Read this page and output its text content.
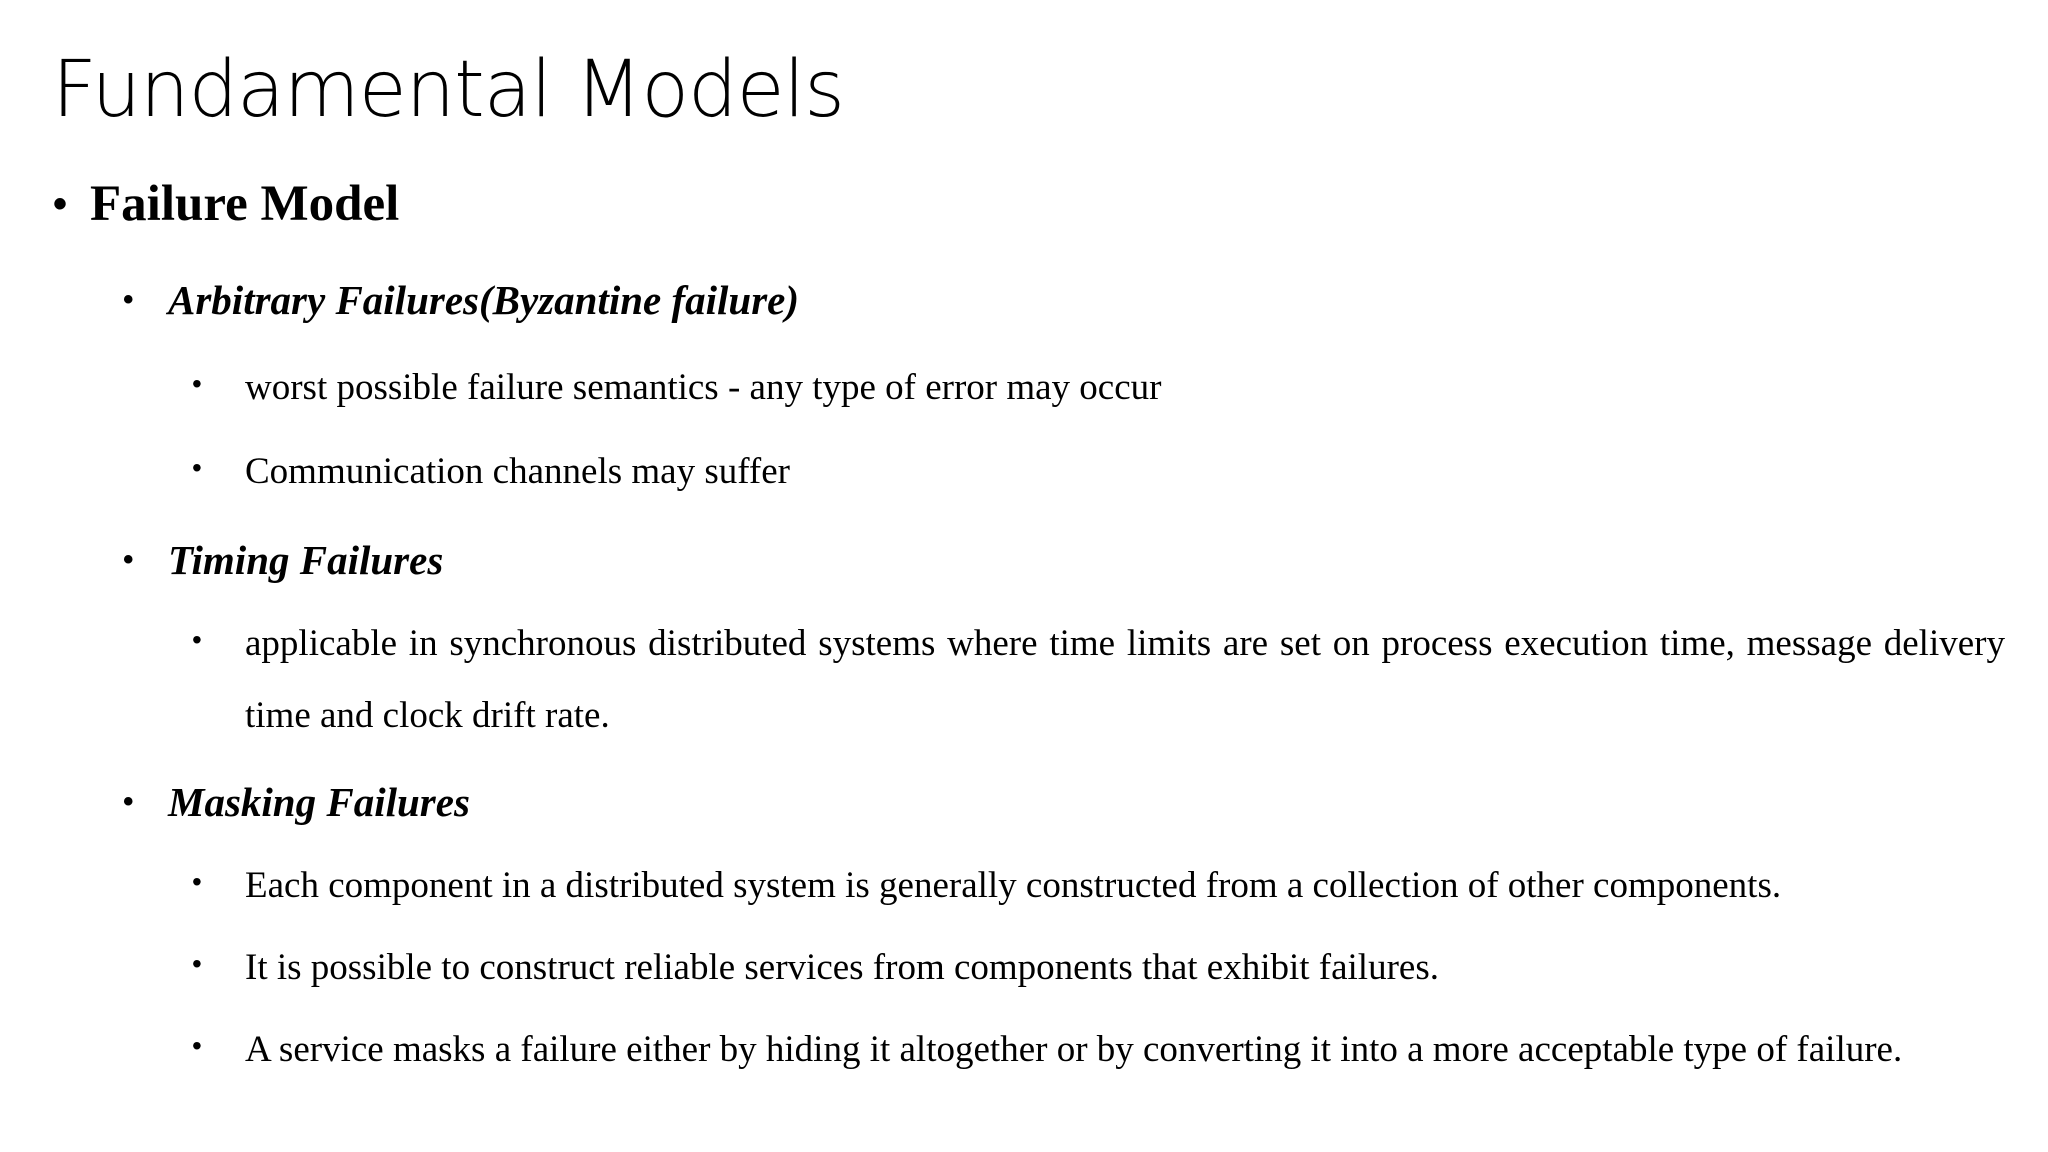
Fundamental Models
• Failure Model
• Arbitrary Failures(Byzantine failure)
• worst possible failure semantics - any type of error may occur
• Communication channels may suffer
• Timing Failures
• applicable in synchronous distributed systems where time limits are set on process execution time, message delivery time and clock drift rate.
• Masking Failures
• Each component in a distributed system is generally constructed from a collection of other components.
• It is possible to construct reliable services from components that exhibit failures.
• A service masks a failure either by hiding it altogether or by converting it into a more acceptable type of failure.
